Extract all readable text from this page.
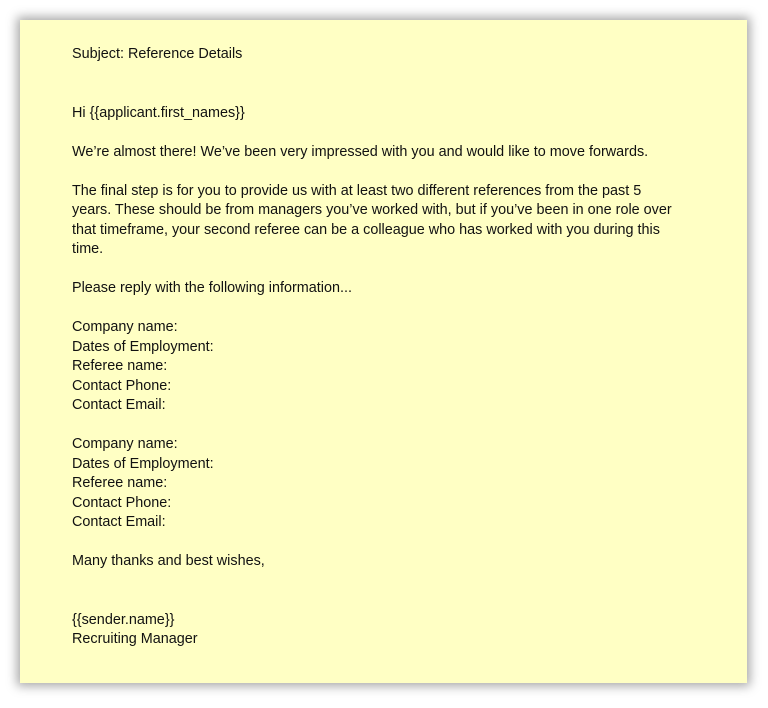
Subject: Reference Details
Hi {{applicant.first_names}}
We’re almost there! We’ve been very impressed with you and would like to move forwards.
The final step is for you to provide us with at least two different references from the past 5
years. These should be from managers you’ve worked with, but if you’ve been in one role over
that timeframe, your second referee can be a colleague who has worked with you during this
time.
Please reply with the following information...
Company name:
Dates of Employment:
Referee name:
Contact Phone:
Contact Email:
Company name:
Dates of Employment:
Referee name:
Contact Phone:
Contact Email:
Many thanks and best wishes,
{{sender.name}}
Recruiting Manager
